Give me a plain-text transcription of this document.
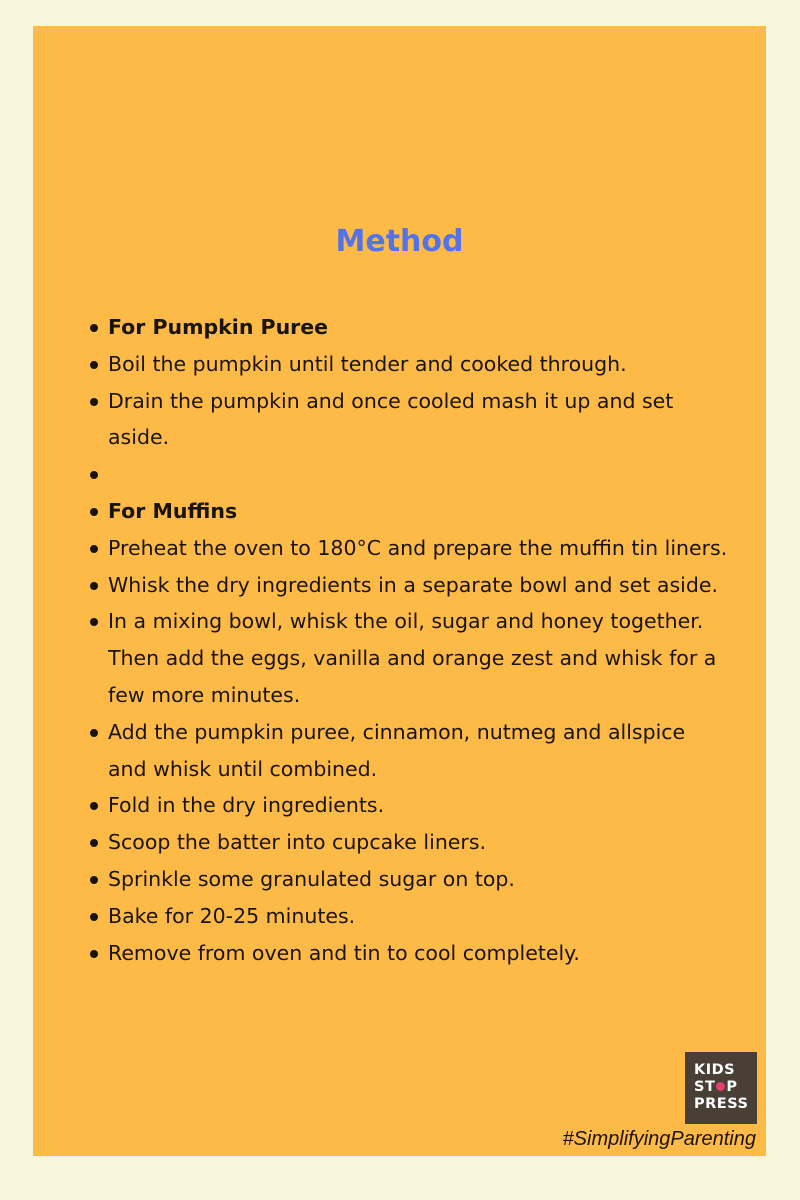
Method
For Pumpkin Puree
Boil the pumpkin until tender and cooked through.
Drain the pumpkin and once cooled mash it up and set aside.
For Muffins
Preheat the oven to 180°C and prepare the muffin tin liners.
Whisk the dry ingredients in a separate bowl and set aside.
In a mixing bowl, whisk the oil, sugar and honey together. Then add the eggs, vanilla and orange zest and whisk for a few more minutes.
Add the pumpkin puree, cinnamon, nutmeg and allspice and whisk until combined.
Fold in the dry ingredients.
Scoop the batter into cupcake liners.
Sprinkle some granulated sugar on top.
Bake for 20-25 minutes.
Remove from oven and tin to cool completely.
KIDS
ST P
PRESS

#SimplifyingParenting
